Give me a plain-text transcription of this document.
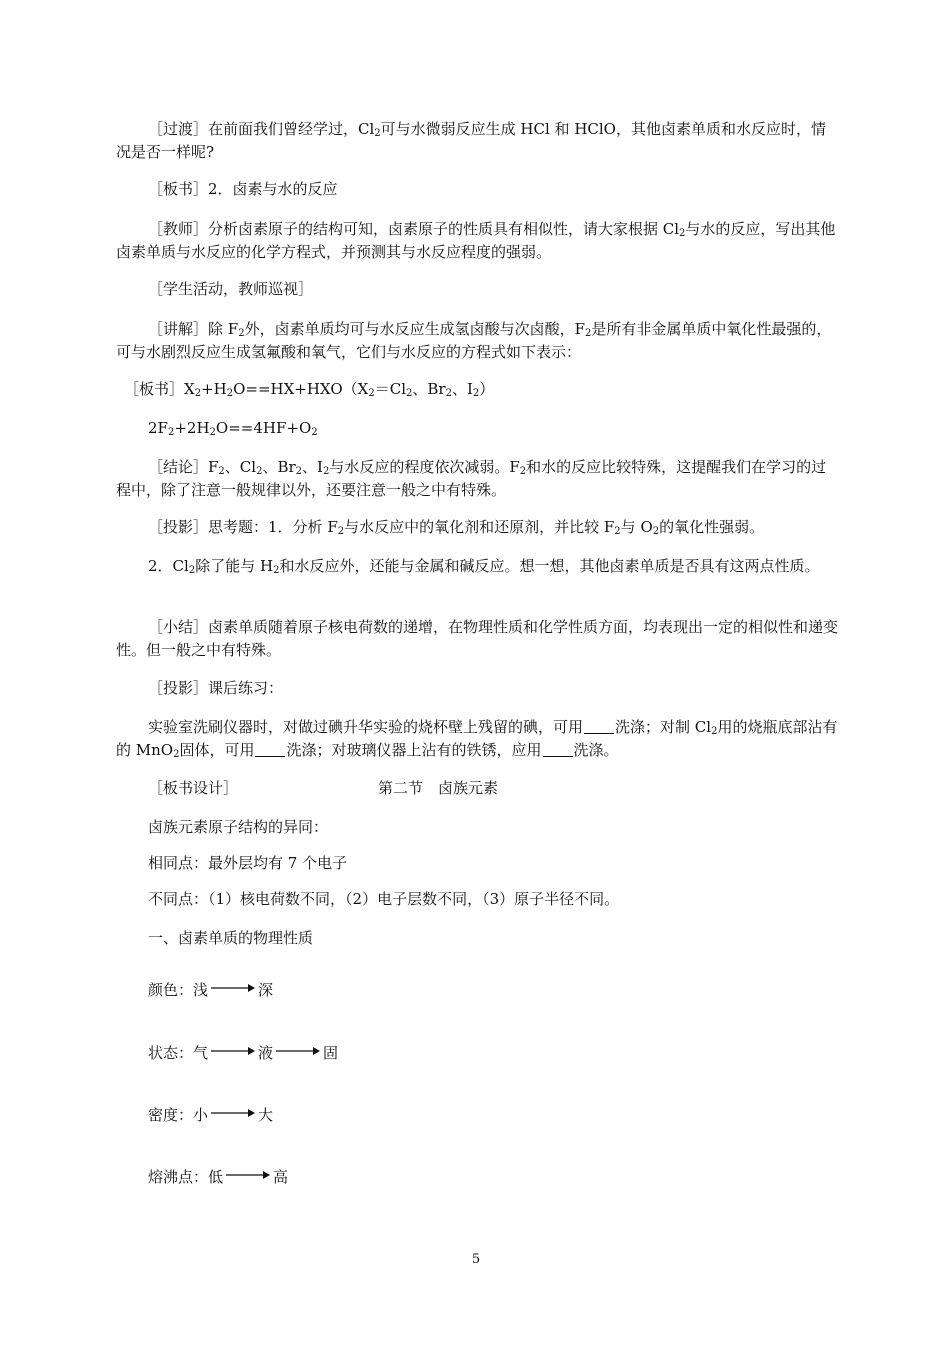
［过渡］在前面我们曾经学过，$Cl_2$可与水微弱反应生成 HCl 和 HClO，其他卤素单质和水反应时，情况是否一样呢?

［板书］2．卤素与水的反应

［教师］分析卤素原子的结构可知，卤素原子的性质具有相似性，请大家根据 $Cl_2$与水的反应，写出其他卤素单质与水反应的化学方程式，并预测其与水反应程度的强弱。

［学生活动，教师巡视］

［讲解］除 $F_2$外，卤素单质均可与水反应生成氢卤酸与次卤酸，$F_2$是所有非金属单质中氧化性最强的，可与水剧烈反应生成氢氟酸和氧气，它们与水反应的方程式如下表示：

［板书$]X_2+H_2O==HX+HXO(X_2=Cl_2$、$Br_2$、$I_2$）

$2F_2+2H_2O==4HF+O_2$

［结论$]F_2$、$Cl_2$、$Br_2$、$I_2$与水反应的程度依次减弱。$F_2$和水的反应比较特殊，这提醒我们在学习的过程中，除了注意一般规律以外，还要注意一般之中有特殊。

［投影］思考题：1．分析 $F_2$与水反应中的氧化剂和还原剂，并比较 $F_2$与 $O_2$的氧化性强弱。

2．$Cl_2$除了能与 $H_2$和水反应外，还能与金属和碱反应。想一想，其他卤素单质是否具有这两点性质。

［小结］卤素单质随着原子核电荷数的递增，在物理性质和化学性质方面，均表现出一定的相似性和递变性。但一般之中有特殊。

［投影］课后练习：

实验室洗刷仪器时，对做过碘升华实验的烧杯壁上残留的碘，可用 洗涤；对制 $Cl_2$用的烧瓶底部沾有的 MnO$_2$固体，可用 洗涤；对玻璃仪器上沾有的铁锈，应用 洗涤。

［板书设计］	第二节　卤族元素

卤族元素原子结构的异同：

相同点：最外层均有 7 个电子

不同点：（1）核电荷数不同，（2）电子层数不同，（3）原子半径不同。

一、卤素单质的物理性质

颜色：浅	深

状态：气	液	固

密度：小	大

熔沸点：低	高

5
